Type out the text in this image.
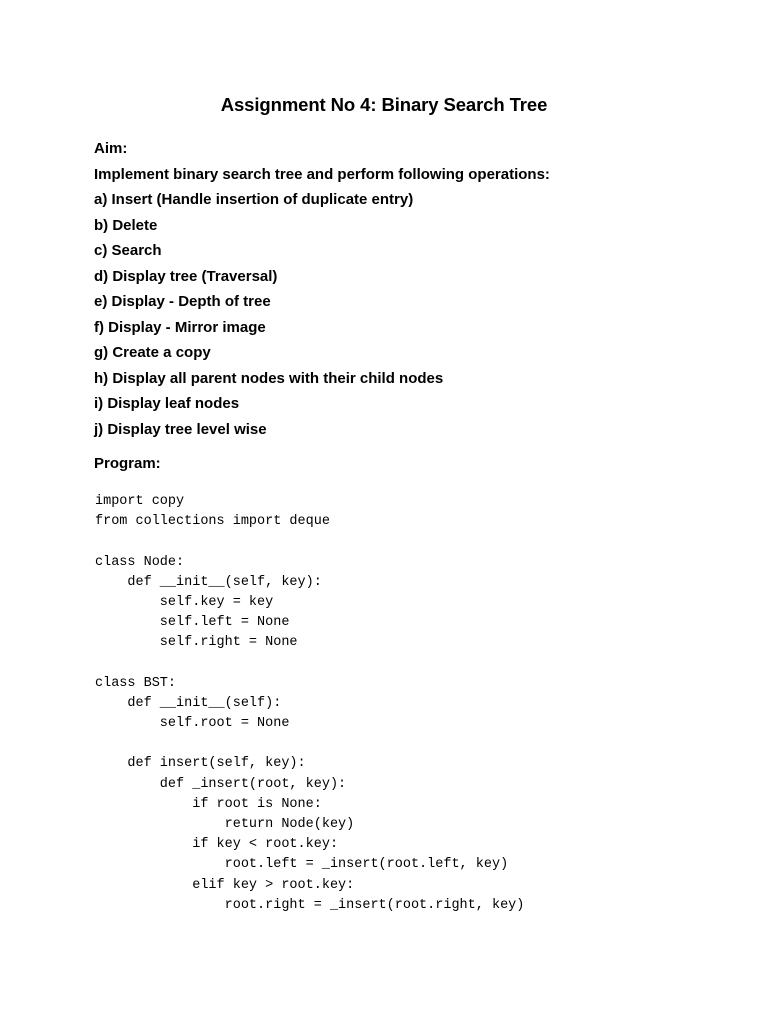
Assignment No 4: Binary Search Tree
Aim:
Implement binary search tree and perform following operations:
a) Insert (Handle insertion of duplicate entry)
b) Delete
c) Search
d) Display tree (Traversal)
e) Display - Depth of tree
f) Display - Mirror image
g) Create a copy
h) Display all parent nodes with their child nodes
i) Display leaf nodes
j) Display tree level wise
Program:
import copy
from collections import deque
class Node:
def __init__(self, key):
self.key = key
self.left = None
self.right = None
class BST:
def __init__(self):
self.root = None
def insert(self, key):
def _insert(root, key):
if root is None:
return Node(key)
if key < root.key:
root.left = _insert(root.left, key)
elif key > root.key:
root.right = _insert(root.right, key)
